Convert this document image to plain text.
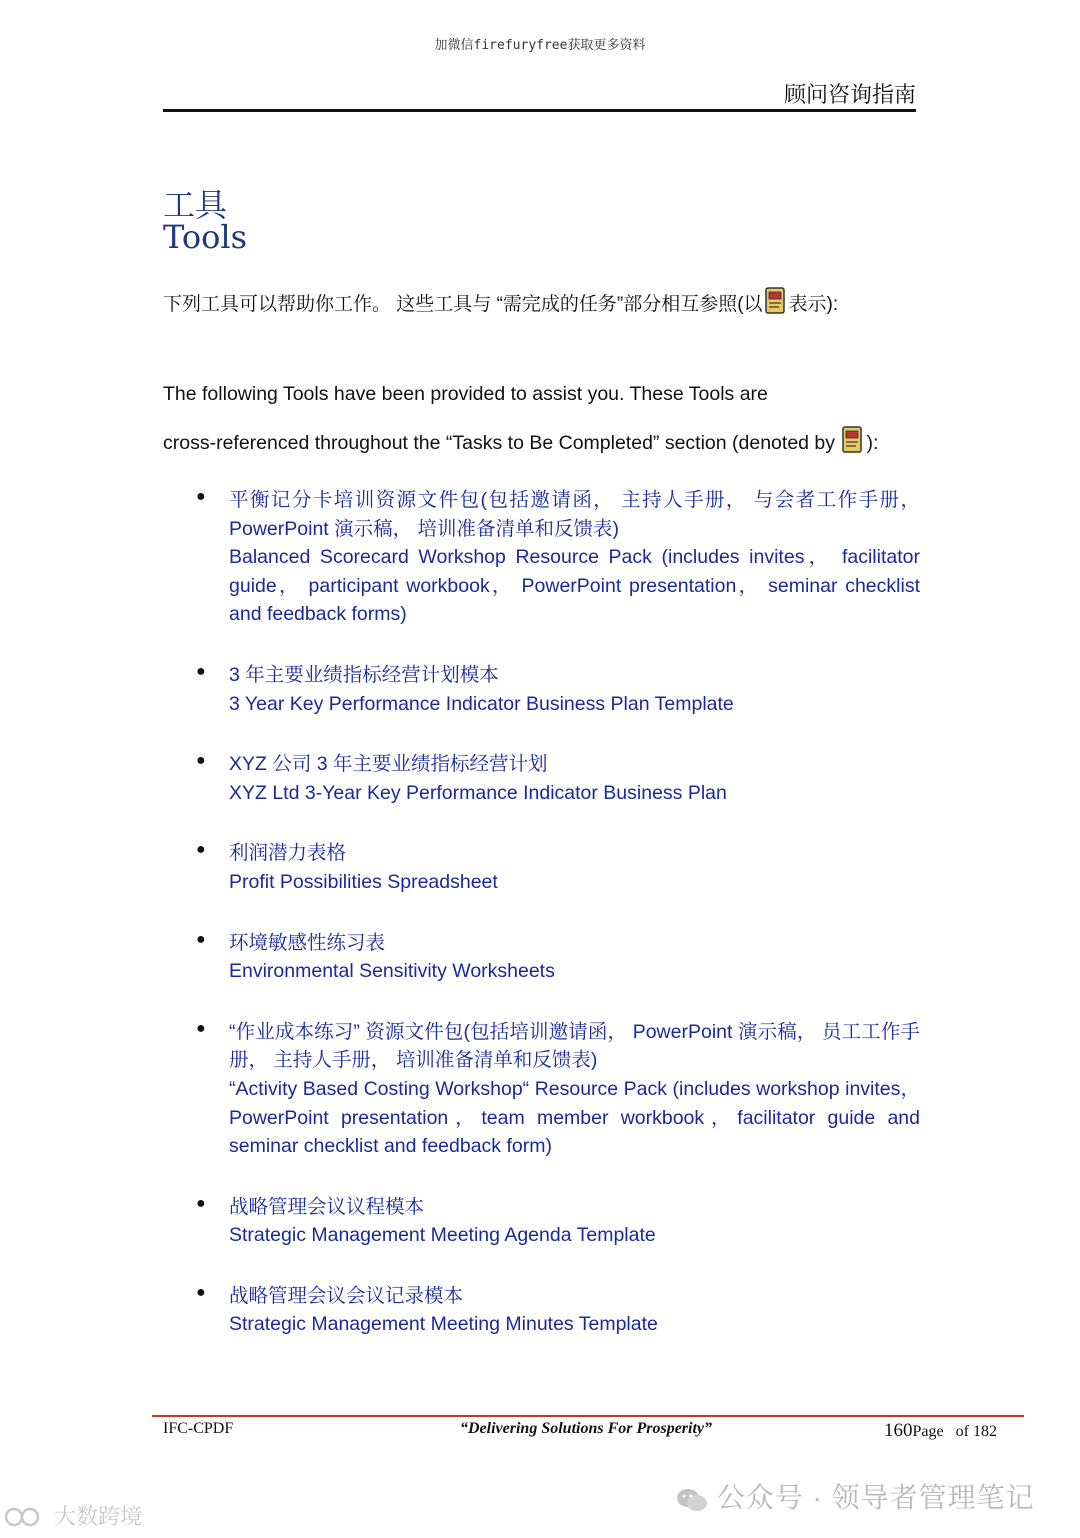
加微信firefuryfree获取更多资料
顾问咨询指南
工具
Tools
下列工具可以帮助你工作。 这些工具与 “需完成的任务”部分相互参照(以 表示):
The following Tools have been provided to assist you. These Tools are
cross-referenced throughout the “Tasks to Be Completed” section (denoted by ):
● 平衡记分卡培训资源文件包(包括邀请函， 主持人手册， 与会者工作手册， PowerPoint 演示稿， 培训准备清单和反馈表)
Balanced Scorecard Workshop Resource Pack (includes invites， facilitator guide， participant workbook， PowerPoint presentation， seminar checklist and feedback forms)
● 3 年主要业绩指标经营计划模本
3 Year Key Performance Indicator Business Plan Template
● XYZ 公司 3 年主要业绩指标经营计划
XYZ Ltd 3-Year Key Performance Indicator Business Plan
● 利润潜力表格
Profit Possibilities Spreadsheet
● 环境敏感性练习表
Environmental Sensitivity Worksheets
● “作业成本练习” 资源文件包(包括培训邀请函， PowerPoint 演示稿， 员工工作手册， 主持人手册， 培训准备清单和反馈表)
“Activity Based Costing Workshop“ Resource Pack (includes workshop invites，PowerPoint presentation，team member workbook，facilitator guide and seminar checklist and feedback form)
● 战略管理会议议程模本
Strategic Management Meeting Agenda Template
● 战略管理会议会议记录模本
Strategic Management Meeting Minutes Template
IFC-CPDF	“Delivering Solutions For Prosperity”	160Page of 182
公众号 · 领导者管理笔记
大数跨境
